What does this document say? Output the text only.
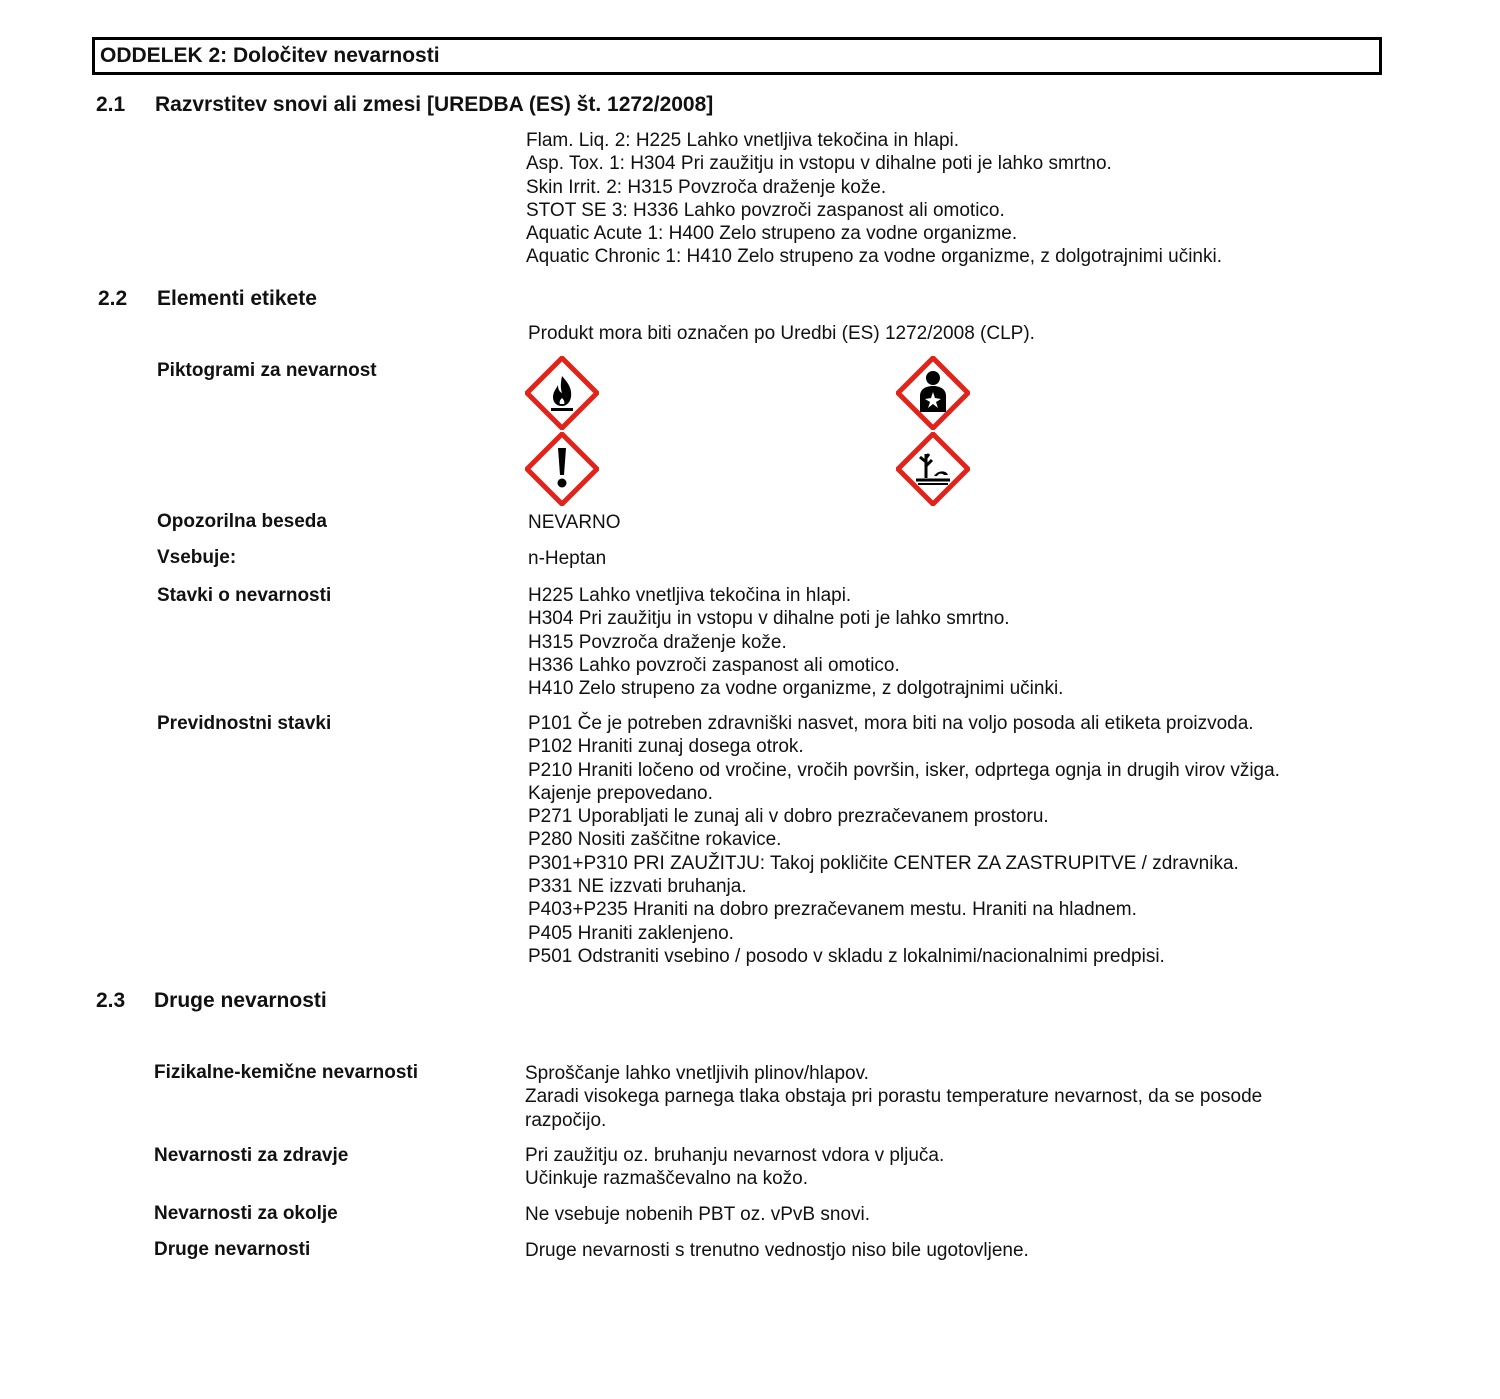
ODDELEK 2: Določitev nevarnosti
2.1 Razvrstitev snovi ali zmesi [UREDBA (ES) št. 1272/2008]
Flam. Liq. 2: H225 Lahko vnetljiva tekočina in hlapi.
Asp. Tox. 1: H304 Pri zaužitju in vstopu v dihalne poti je lahko smrtno.
Skin Irrit. 2: H315 Povzroča draženje kože.
STOT SE 3: H336 Lahko povzroči zaspanost ali omotico.
Aquatic Acute 1: H400 Zelo strupeno za vodne organizme.
Aquatic Chronic 1: H410 Zelo strupeno za vodne organizme, z dolgotrajnimi učinki.
2.2 Elementi etikete
Produkt mora biti označen po Uredbi (ES) 1272/2008 (CLP).
Piktogrami za nevarnost
Opozorilna beseda	NEVARNO
Vsebuje:	n-Heptan
Stavki o nevarnosti	H225 Lahko vnetljiva tekočina in hlapi.
H304 Pri zaužitju in vstopu v dihalne poti je lahko smrtno.
H315 Povzroča draženje kože.
H336 Lahko povzroči zaspanost ali omotico.
H410 Zelo strupeno za vodne organizme, z dolgotrajnimi učinki.
Previdnostni stavki	P101 Če je potreben zdravniški nasvet, mora biti na voljo posoda ali etiketa proizvoda.
P102 Hraniti zunaj dosega otrok.
P210 Hraniti ločeno od vročine, vročih površin, isker, odprtega ognja in drugih virov vžiga.
Kajenje prepovedano.
P271 Uporabljati le zunaj ali v dobro prezračevanem prostoru.
P280 Nositi zaščitne rokavice.
P301+P310 PRI ZAUŽITJU: Takoj pokličite CENTER ZA ZASTRUPITVE / zdravnika.
P331 NE izzvati bruhanja.
P403+P235 Hraniti na dobro prezračevanem mestu. Hraniti na hladnem.
P405 Hraniti zaklenjeno.
P501 Odstraniti vsebino / posodo v skladu z lokalnimi/nacionalnimi predpisi.
2.3 Druge nevarnosti
Fizikalne-kemične nevarnosti	Sproščanje lahko vnetljivih plinov/hlapov.
Zaradi visokega parnega tlaka obstaja pri porastu temperature nevarnost, da se posode
razpočijo.
Nevarnosti za zdravje	Pri zaužitju oz. bruhanju nevarnost vdora v pljuča.
Učinkuje razmaščevalno na kožo.
Nevarnosti za okolje	Ne vsebuje nobenih PBT oz. vPvB snovi.
Druge nevarnosti	Druge nevarnosti s trenutno vednostjo niso bile ugotovljene.
